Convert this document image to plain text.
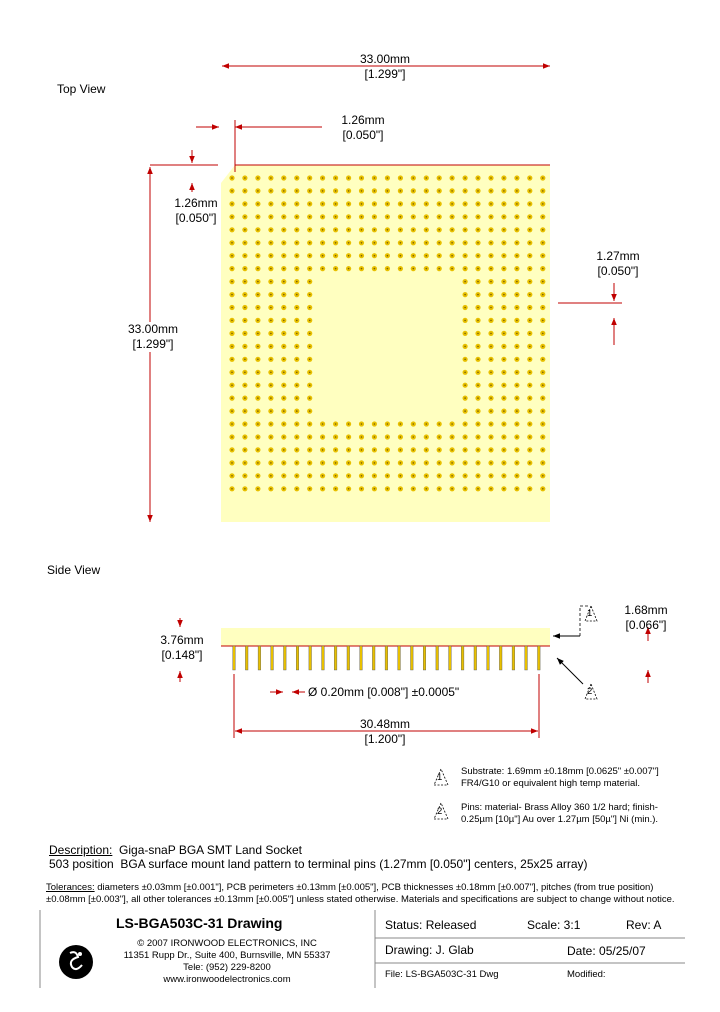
Top View
33.00mm
[1.299"]
1.26mm
[0.050"]
1.26mm
[0.050"]
33.00mm
[1.299"]
1.27mm
[0.050"]
Side View
3.76mm
[0.148"]
Ø 0.20mm [0.008"] ±0.0005"
30.48mm
[1.200"]
1.68mm
[0.066"]
1
2
1
Substrate: 1.69mm ±0.18mm [0.0625" ±0.007"]
FR4/G10 or equivalent high temp material.
2 Pins: material- Brass Alloy 360 1/2 hard; finish-
0.25µm [10µ"] Au over 1.27µm [50µ"] Ni (min.).
Description: Giga-snaP BGA SMT Land Socket
503 position BGA surface mount land pattern to terminal pins (1.27mm [0.050"] centers, 25x25 array)
Tolerances: diameters ±0.03mm [±0.001"], PCB perimeters ±0.13mm [±0.005"], PCB thicknesses ±0.18mm [±0.007"], pitches (from true position)
±0.08mm [±0.003"], all other tolerances ±0.13mm [±0.005"] unless stated otherwise. Materials and specifications are subject to change without notice.
LS-BGA503C-31 Drawing
© 2007 IRONWOOD ELECTRONICS, INC
11351 Rupp Dr., Suite 400, Burnsville, MN 55337
Tele: (952) 229-8200
www.ironwoodelectronics.com
Status: Released	Scale: 3:1	Rev: A
Drawing: J. Glab	Date: 05/25/07
File: LS-BGA503C-31 Dwg	Modified:
